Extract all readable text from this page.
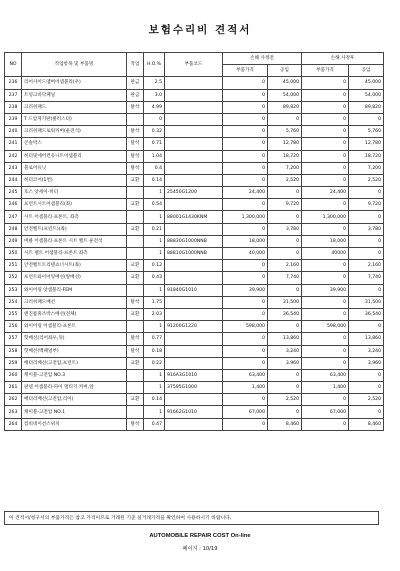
보험수리비 견적서
NO	작업항목 및 부품명	작업	H.O.%	부품코드	손해 사정전		손해 사정후	
					부품가격	공임	부품가격	공임
236	리어사이드멤버어셈블리(우)	판금	2.5		0	45,000	0	45,000
237	트렁크바닥패널	판금	3.0		0	54,000	0	54,000
238	크러쉬패드	탈착	4.99		0	89,820	0	89,820
239	T 드암게기판(클러스터)		0		0	0	0	0
240	크러쉬패드로워커버(운전석)	탈착	0.32		0	5,760	0	5,760
241	콘솔박스	탈착	0.71		0	12,780	0	12,780
242	히터및에어컨유니트어셈블리	탈착	1.04		0	18,720	0	18,720
243	블로어유닛	탈착	0.4		0	7,200	0	7,200
244	히터코어(1번)	교환	0.14		0	2,520	0	2,520
245	호스 앗세이-히터		1	25450G1200	24,400	0	24,400	0
246	프런트시트어셈블리(좌)	교환	0.54		0	9,720	0	9,720
247	시트 어셈블리-프론트, 좌측		1	88001G1430KNM	1,300,000	0	1,300,000	0
248	안전벨트(프런트)(좌)	교환	0.21		0	3,780	0	3,780
249	버클 어셈블리-프론트 시트 벨트 운전석		1	88830G1000NNB	18,000	0	18,000	0
250	시트 벨트 어셈블리-프론트 좌측		1	88810G1000NNB	40,000	0	40000	0
251	안전벨트트리텐쇼너시트(좌)	교환	0.12		0	2,160	0	2,160
252	프런트와이어링배선(앞배선)	교환	0.43		0	7,740	0	7,740
253	와이어링 앗셈블리-FEM		1	91840G1010	39,900	0	39,900	0
254	크러쉬패드배선	탈착	1.75		0	31,500	0	31,500
255	엔진룸휴즈박스배선(전체)	교환	2.03		0	36,540	0	36,540
256	와이어링 어셈블리-프론트		1	91200G1220	598,000	0	598,000	0
257	핫배선(리어좌우,뒤)	탈착	0.77		0	13,860	0	13,860
258	핫배선(백패널부)	탈착	0.18		0	3,240	0	3,240
259	배터리배선(고전압,프런트)	교환	0.22		0	3,960	0	3,960
260	케이블-고전압 NO.3		1	916A3G1010	63,400	0	63,400	0
261	판넬 어셈블리-파이 멀티기 커버,앞		1	37595G1000	1,400	0	1,400	0
262	배터리배선(고전압,리어)	교환	0.14		0	2,520	0	2,520
263	케이블-고전압 NO.1		1	91662G1010	67,000	0	67,000	0
264	컴비네이션스위치	탈착	0.47		0	8,460	0	8,460
이 견적서/청구서의 부품가격은 참고 가격이므로 거래된 기준 실거래가격을 확인하여 사용하시기 바랍니다.
AUTOMOBILE REPAIR COST On-line
페이지 : 10/19
